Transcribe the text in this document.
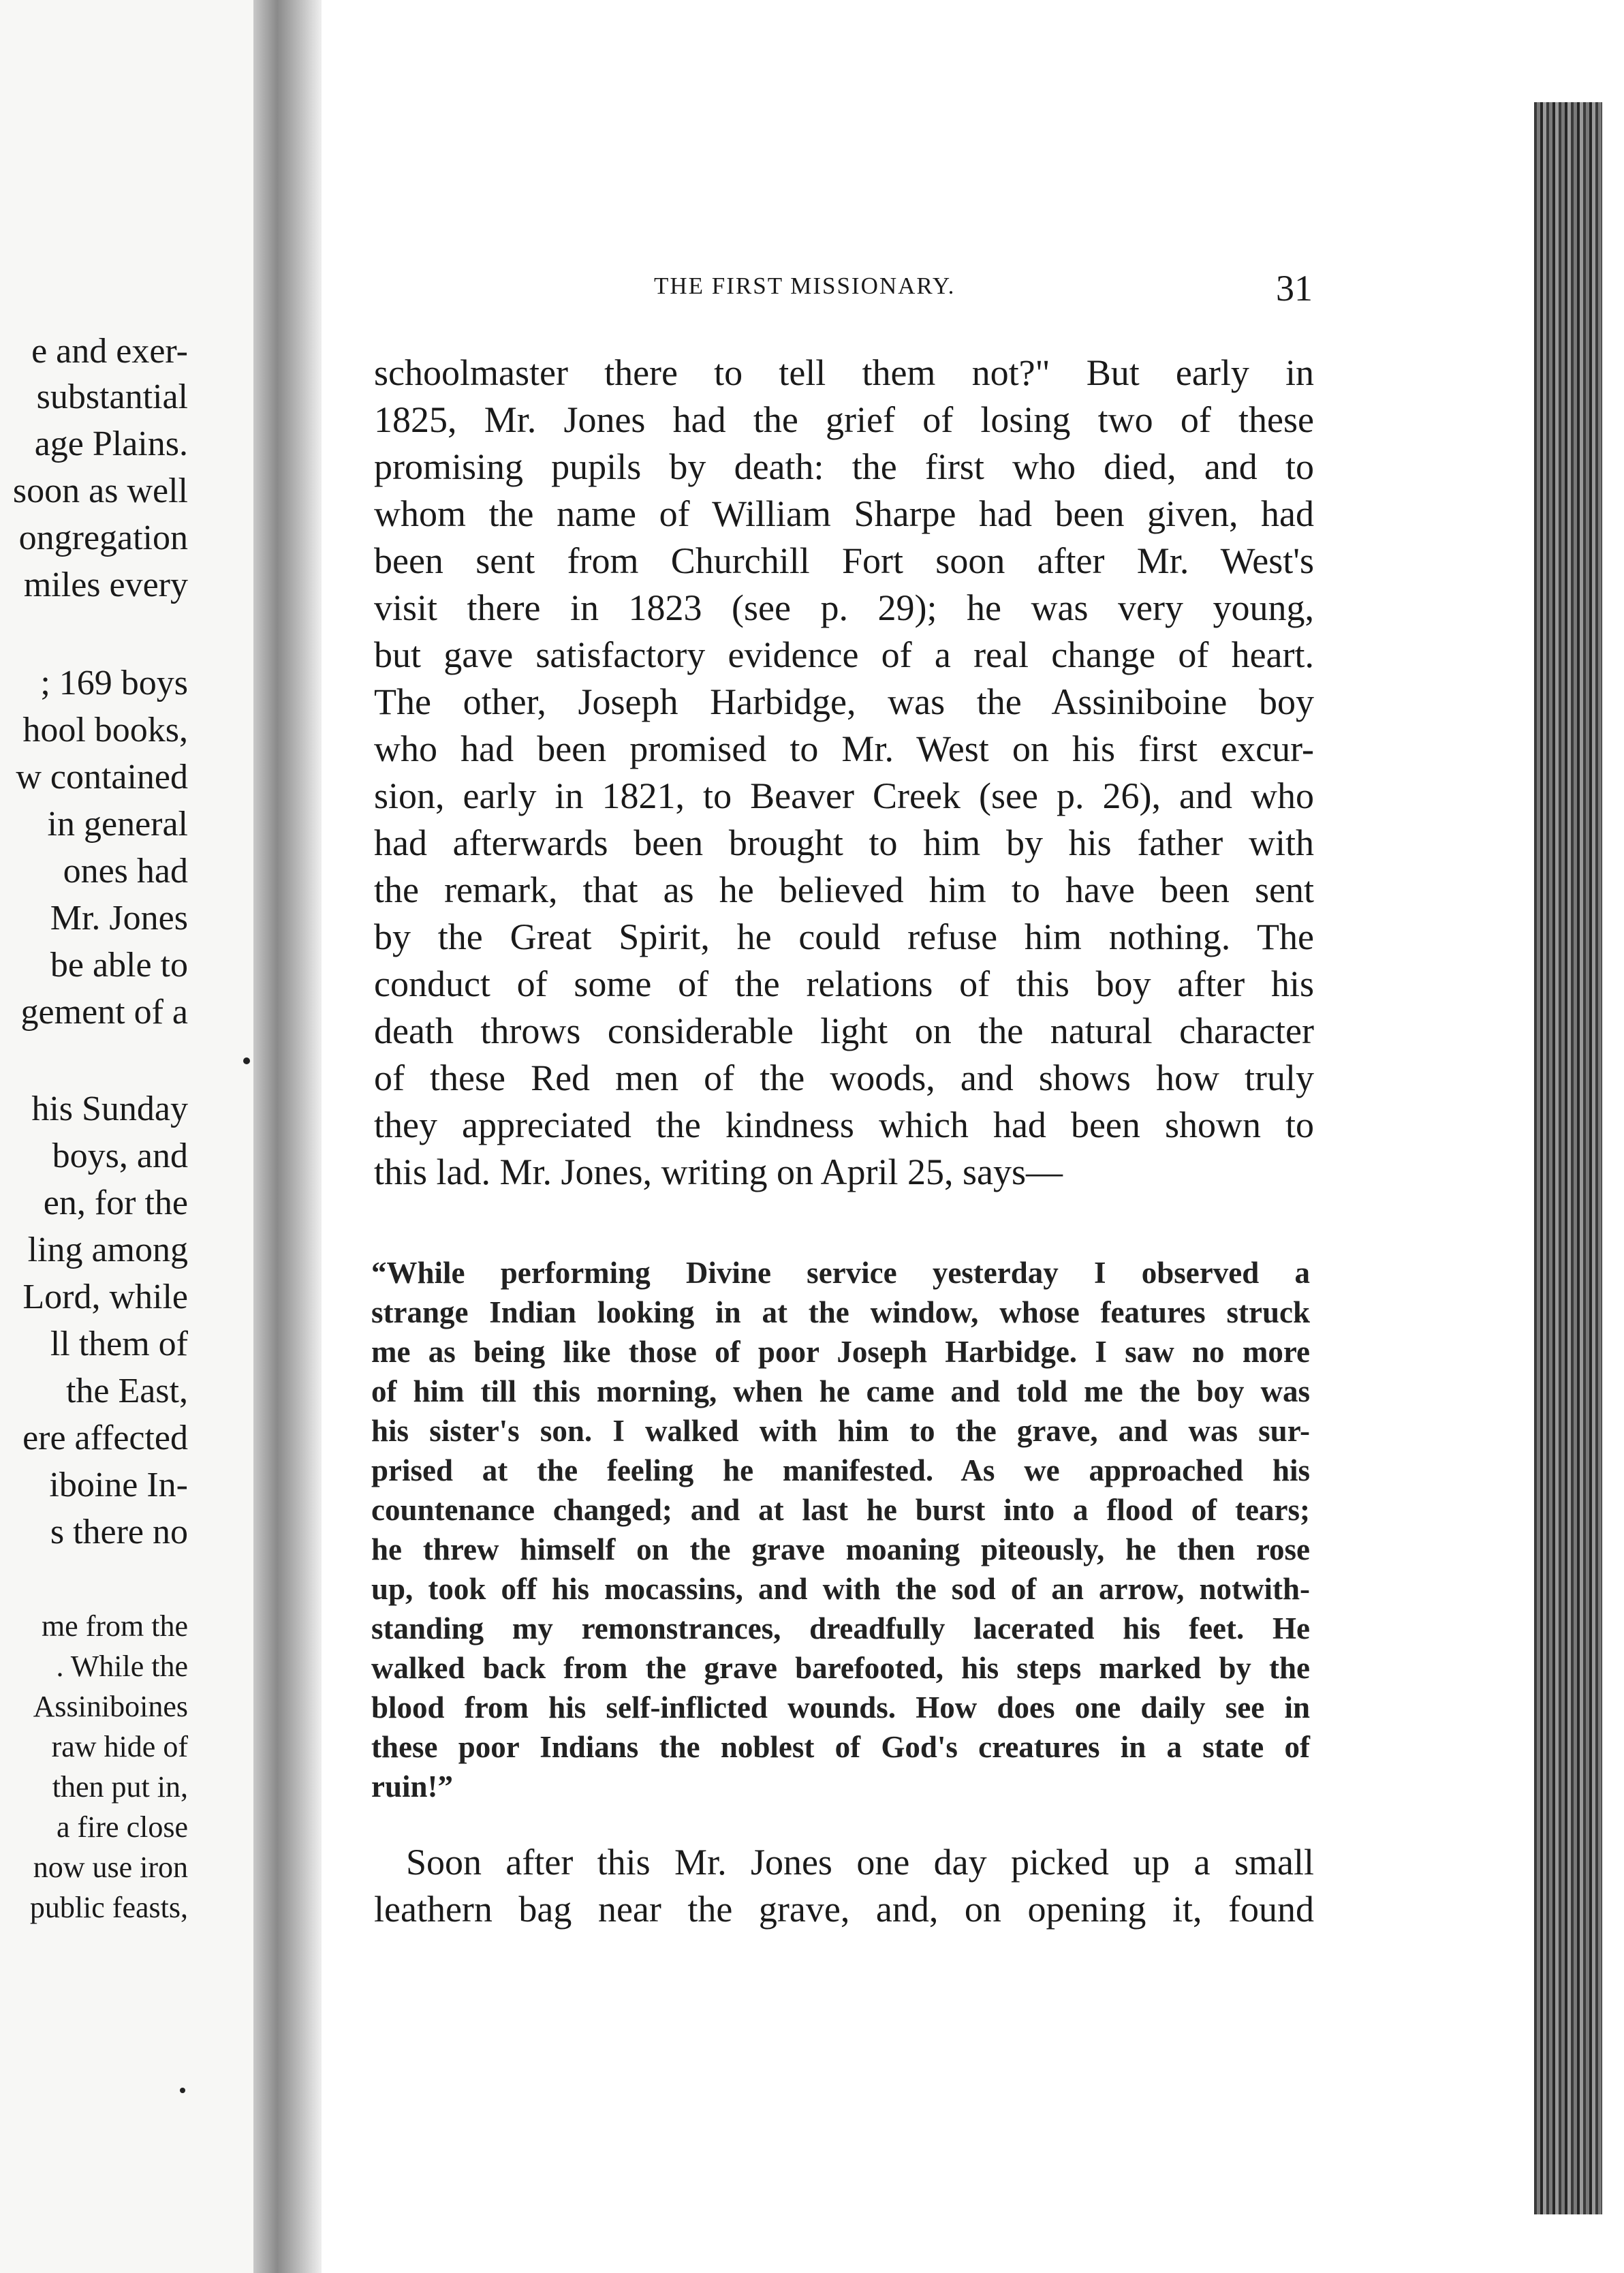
e and exer-
substantial
age Plains.
soon as well
ongregation
miles every
; 169 boys
hool books,
w contained
in general
ones had
Mr. Jones
be able to
gement of a
his Sunday
boys, and
en, for the
ling among
Lord, while
ll them of
the East,
ere affected
iboine In-
s there no
me from the
. While the
Assiniboines
raw hide of
then put in,
a fire close
now use iron
public feasts,
THE FIRST MISSIONARY.	31
schoolmaster there to tell them not?" But early in
1825, Mr. Jones had the grief of losing two of these
promising pupils by death: the first who died, and to
whom the name of William Sharpe had been given, had
been sent from Churchill Fort soon after Mr. West's
visit there in 1823 (see p. 29); he was very young,
but gave satisfactory evidence of a real change of heart.
The other, Joseph Harbidge, was the Assiniboine boy
who had been promised to Mr. West on his first excur-
sion, early in 1821, to Beaver Creek (see p. 26), and who
had afterwards been brought to him by his father with
the remark, that as he believed him to have been sent
by the Great Spirit, he could refuse him nothing. The
conduct of some of the relations of this boy after his
death throws considerable light on the natural character
of these Red men of the woods, and shows how truly
they appreciated the kindness which had been shown to
this lad. Mr. Jones, writing on April 25, says—
“While performing Divine service yesterday I observed a
strange Indian looking in at the window, whose features struck
me as being like those of poor Joseph Harbidge. I saw no more
of him till this morning, when he came and told me the boy was
his sister's son. I walked with him to the grave, and was sur-
prised at the feeling he manifested. As we approached his
countenance changed; and at last he burst into a flood of tears;
he threw himself on the grave moaning piteously, he then rose
up, took off his mocassins, and with the sod of an arrow, notwith-
standing my remonstrances, dreadfully lacerated his feet. He
walked back from the grave barefooted, his steps marked by the
blood from his self-inflicted wounds. How does one daily see in
these poor Indians the noblest of God's creatures in a state of
ruin!”
Soon after this Mr. Jones one day picked up a small
leathern bag near the grave, and, on opening it, found
